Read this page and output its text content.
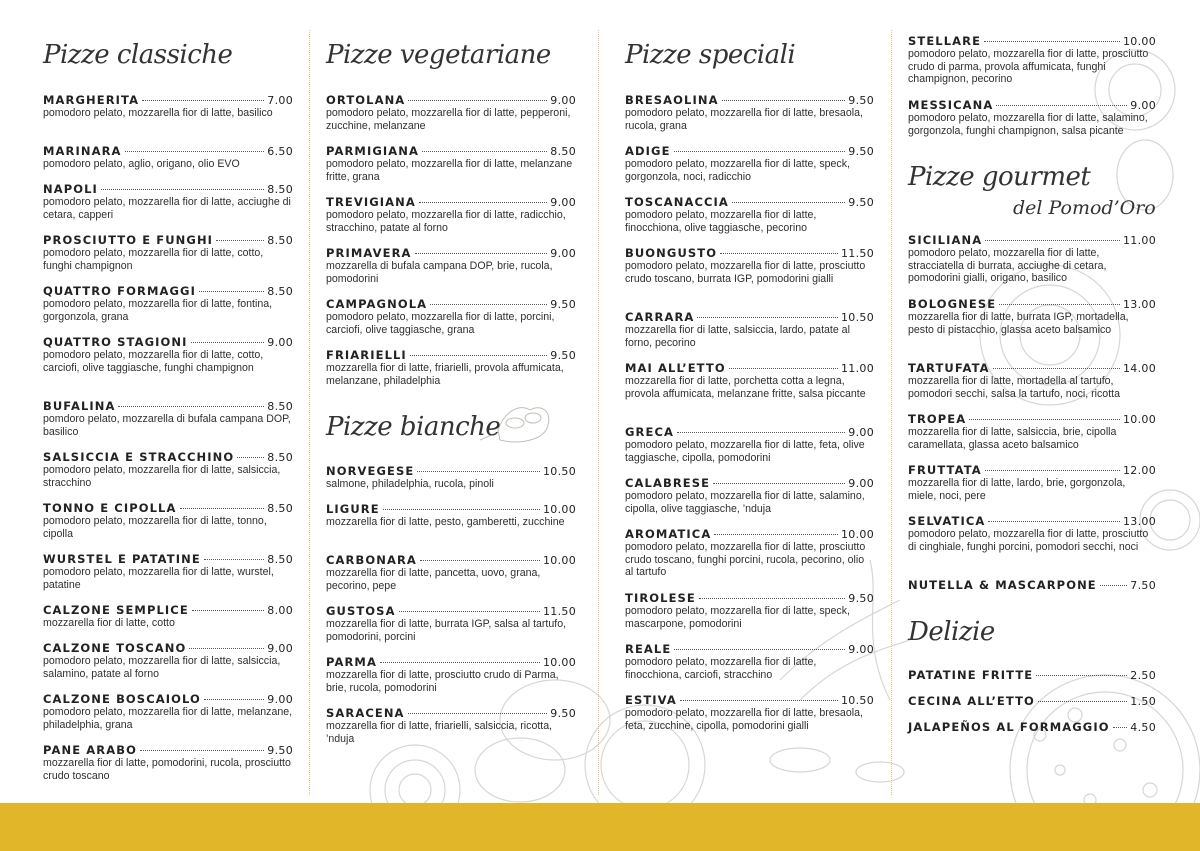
Pizze classiche
MARGHERITA	7.00
pomodoro pelato, mozzarella fior di latte, basilico
MARINARA	6.50
pomodoro pelato, aglio, origano, olio EVO
NAPOLI	8.50
pomodoro pelato, mozzarella fior di latte, acciughe di cetara, capperi
PROSCIUTTO E FUNGHI	8.50
pomodoro pelato, mozzarella fior di latte, cotto, funghi champignon
QUATTRO FORMAGGI	8.50
pomodoro pelato, mozzarella fior di latte, fontina, gorgonzola, grana
QUATTRO STAGIONI	9.00
pomodoro pelato, mozzarella fior di latte, cotto, carciofi, olive taggiasche, funghi champignon
BUFALINA	8.50
pomdoro pelato, mozzarella di bufala campana DOP, basilico
SALSICCIA E STRACCHINO	8.50
pomodoro pelato, mozzarella fior di latte, salsiccia, stracchino
TONNO E CIPOLLA	8.50
pomodoro pelato, mozzarella fior di latte, tonno, cipolla
WURSTEL E PATATINE	8.50
pomodoro pelato, mozzarella fior di latte, wurstel, patatine
CALZONE SEMPLICE	8.00
mozzarella fior di latte, cotto
CALZONE TOSCANO	9.00
pomodoro pelato, mozzarella fior di latte, salsiccia, salamino, patate al forno
CALZONE BOSCAIOLO	9.00
pomodoro pelato, mozzarella fior di latte, melanzane, philadelphia, grana
PANE ARABO	9.50
mozzarella fior di latte, pomodorini, rucola, prosciutto crudo toscano
Pizze vegetariane
ORTOLANA	9.00
pomodoro pelato, mozzarella fior di latte, pepperoni, zucchine, melanzane
PARMIGIANA	8.50
pomodoro pelato, mozzarella fior di latte, melanzane fritte, grana
TREVIGIANA	9.00
pomodoro pelato, mozzarella fior di latte, radicchio, stracchino, patate al forno
PRIMAVERA	9.00
mozzarella di bufala campana DOP, brie, rucola, pomodorini
CAMPAGNOLA	9.50
pomodoro pelato, mozzarella fior di latte, porcini, carciofi, olive taggiasche, grana
FRIARIELLI	9.50
mozzarella fior di latte, friarielli, provola affumicata, melanzane, philadelphia
Pizze bianche
NORVEGESE	10.50
salmone, philadelphia, rucola, pinoli
LIGURE	10.00
mozzarella fior di latte, pesto, gamberetti, zucchine
CARBONARA	10.00
mozzarella fior di latte, pancetta, uovo, grana, pecorino, pepe
GUSTOSA	11.50
mozzarella fior di latte, burrata IGP, salsa al tartufo, pomodorini, porcini
PARMA	10.00
mozzarella fior di latte, prosciutto crudo di Parma, brie, rucola, pomodorini
SARACENA	9.50
mozzarella fior di latte, friarielli, salsiccia, ricotta, ’nduja
Pizze speciali
BRESAOLINA	9.50
pomodoro pelato, mozzarella fior di latte, bresaola, rucola, grana
ADIGE	9.50
pomodoro pelato, mozzarella fior di latte, speck, gorgonzola, noci, radicchio
TOSCANACCIA	9.50
pomodoro pelato, mozzarella fior di latte, finocchiona, olive taggiasche, pecorino
BUONGUSTO	11.50
pomodoro pelato, mozzarella fior di latte, prosciutto crudo toscano, burrata IGP, pomodorini gialli
CARRARA	10.50
mozzarella fior di latte, salsiccia, lardo, patate al forno, pecorino
MAI ALL’ETTO	11.00
mozzarella fior di latte, porchetta cotta a legna, provola affumicata, melanzane fritte, salsa piccante
GRECA	9.00
pomodoro pelato, mozzarella fior di latte, feta, olive taggiasche, cipolla, pomodorini
CALABRESE	9.00
pomodoro pelato, mozzarella fior di latte, salamino, cipolla, olive taggiasche, ’nduja
AROMATICA	10.00
pomodoro pelato, mozzarella fior di latte, prosciutto crudo toscano, funghi porcini, rucola, pecorino, olio al tartufo
TIROLESE	9.50
pomodoro pelato, mozzarella fior di latte, speck, mascarpone, pomodorini
REALE	9.00
pomodoro pelato, mozzarella fior di latte, finocchiona, carciofi, stracchino
ESTIVA	10.50
pomodoro pelato, mozzarella fior di latte, bresaola, feta, zucchine, cipolla, pomodorini gialli
STELLARE	10.00
pomodoro pelato, mozzarella fior di latte, prosciutto crudo di parma, provola affumicata, funghi champignon, pecorino
MESSICANA	9.00
pomodoro pelato, mozzarella fior di latte, salamino, gorgonzola, funghi champignon, salsa picante
Pizze gourmet
del Pomod’Oro
SICILIANA	11.00
pomodoro pelato, mozzarella fior di latte, stracciatella di burrata, acciughe di cetara, pomodorini gialli, origano, basilico
BOLOGNESE	13.00
mozzarella fior di latte, burrata IGP, mortadella, pesto di pistacchio, glassa aceto balsamico
TARTUFATA	14.00
mozzarella fior di latte, mortadella al tartufo, pomodori secchi, salsa la tartufo, noci, ricotta
TROPEA	10.00
mozzarella fior di latte, salsiccia, brie, cipolla caramellata, glassa aceto balsamico
FRUTTATA	12.00
mozzarella fior di latte, lardo, brie, gorgonzola, miele, noci, pere
SELVATICA	13.00
pomodoro pelato, mozzarella fior di latte, prosciutto di cinghiale, funghi porcini, pomodori secchi, noci
NUTELLA & MASCARPONE	7.50
Delizie
PATATINE FRITTE	2.50
CECINA ALL’ETTO	1.50
JALAPEÑOS AL FORMAGGIO 4.50
